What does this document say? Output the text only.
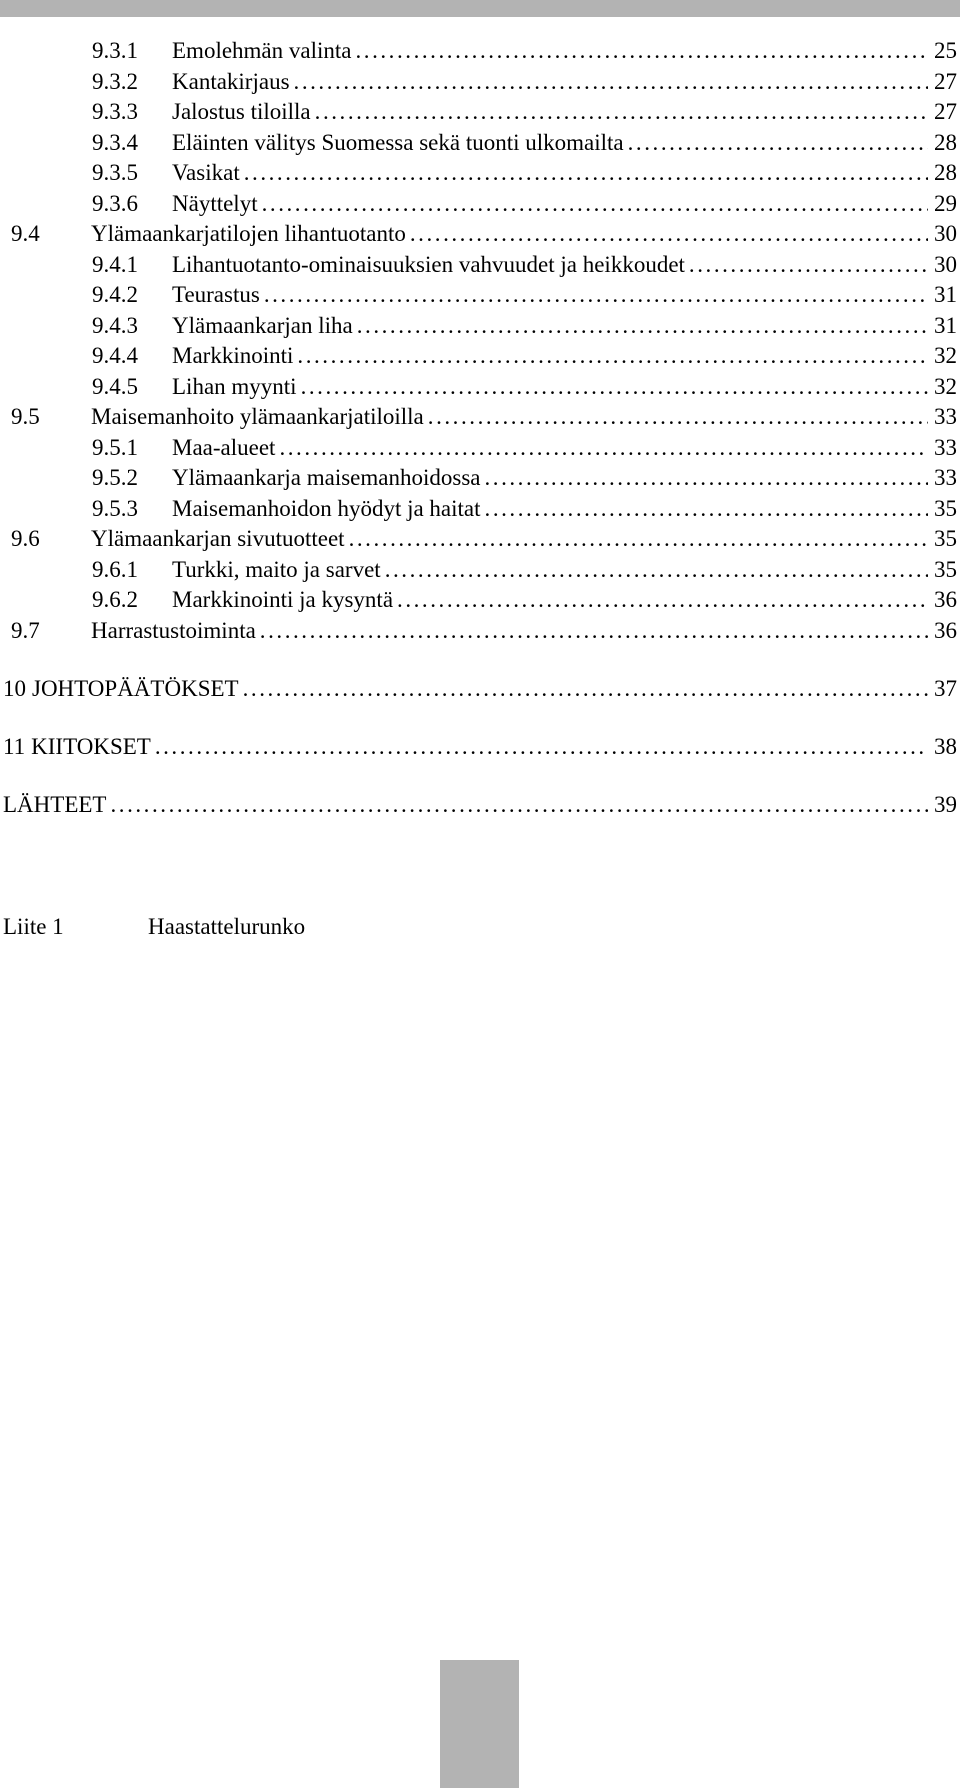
9.3.1	Emolehmän valinta . . .	25
9.3.2	Kantakirjaus . . .	27
9.3.3	Jalostus tiloilla . . .	27
9.3.4	Eläinten välitys Suomessa sekä tuonti ulkomailta . . .	28
9.3.5	Vasikat . . .	28
9.3.6	Näyttelyt . . .	29
9.4	Ylämaankarjatilojen lihantuotanto . . .	30
9.4.1	Lihantuotanto-ominaisuuksien vahvuudet ja heikkoudet . . .	30
9.4.2	Teurastus . . .	31
9.4.3	Ylämaankarjan liha . . .	31
9.4.4	Markkinointi . . .	32
9.4.5	Lihan myynti . . .	32
9.5	Maisemanhoito ylämaankarjatiloilla . . .	33
9.5.1	Maa-alueet . . .	33
9.5.2	Ylämaankarja maisemanhoidossa . . .	33
9.5.3	Maisemanhoidon hyödyt ja haitat . . .	35
9.6	Ylämaankarjan sivutuotteet . . .	35
9.6.1	Turkki, maito ja sarvet . . .	35
9.6.2	Markkinointi ja kysyntä . . .	36
9.7	Harrastustoiminta . . .	36
10 JOHTOPÄÄTÖKSET . . .	37
11 KIITOKSET . . .	38
LÄHTEET . . .	39
Liite 1	Haastattelurunko
